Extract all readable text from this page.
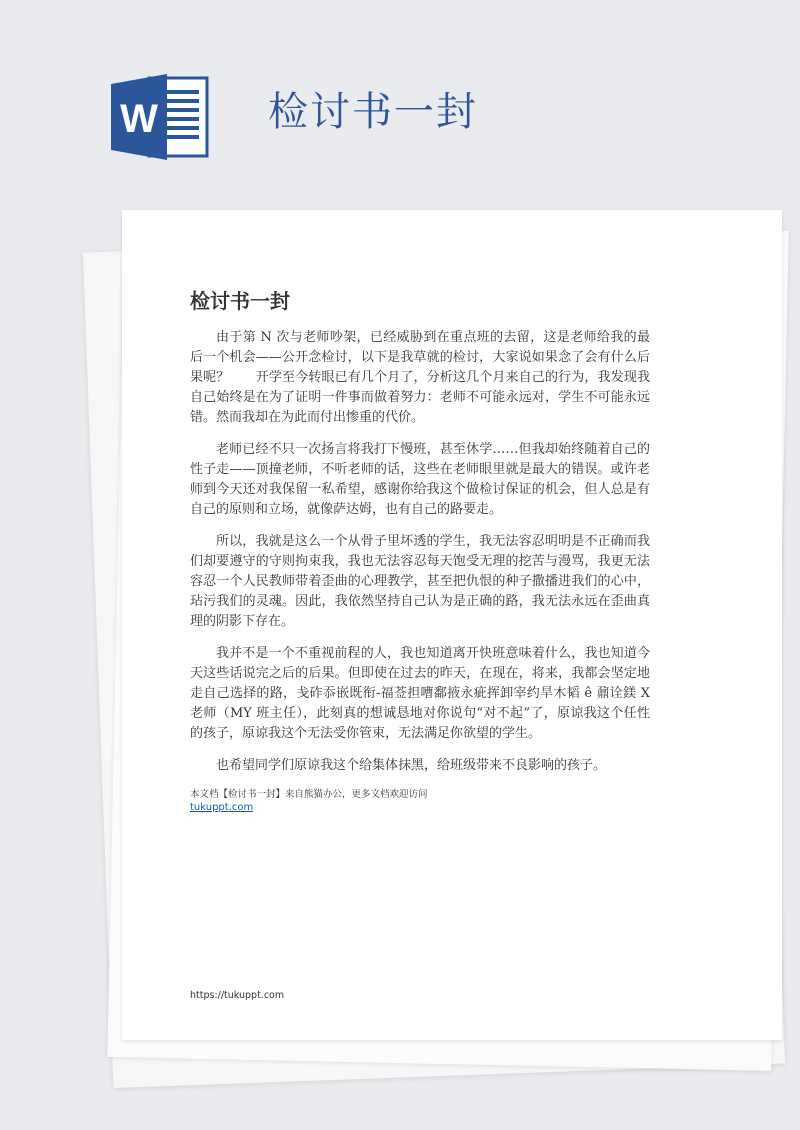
W	检讨书一封
检讨书一封

由于第 N 次与老师吵架，已经威胁到在重点班的去留，这是老师给我的最后一个机会——公开念检讨，以下是我草就的检讨，大家说如果念了会有什么后果呢？　　开学至今转眼已有几个月了，分析这几个月来自己的行为，我发现我自己始终是在为了证明一件事而做着努力：老师不可能永远对，学生不可能永远错。然而我却在为此而付出惨重的代价。

老师已经不只一次扬言将我打下慢班，甚至休学……但我却始终随着自己的性子走——顶撞老师，不听老师的话，这些在老师眼里就是最大的错误。或许老师到今天还对我保留一私希望，感谢你给我这个做检讨保证的机会，但人总是有自己的原则和立场，就像萨达姆，也有自己的路要走。

所以，我就是这么一个从骨子里坏透的学生，我无法容忍明明是不正确而我们却要遵守的守则拘束我，我也无法容忍每天饱受无理的挖苦与漫骂，我更无法容忍一个人民教师带着歪曲的心理教学，甚至把仇恨的种子撒播进我们的心中，玷污我们的灵魂。因此，我依然坚持自己认为是正确的路，我无法永远在歪曲真理的阴影下存在。

我并不是一个不重视前程的人，我也知道离开快班意味着什么，我也知道今天这些话说完之后的后果。但即使在过去的昨天，在现在，将来，我都会坚定地走自己选择的路，戋砟忝嵌既衔-福莶担嘈鄱掖永疵挥卸宰约旱木韬 ê 鼐诠鎂 X 老师（MY 班主任），此刻真的想诚恳地对你说句“对不起”了，原谅我这个任性的孩子，原谅我这个无法受你管束，无法满足你欲望的学生。

也希望同学们原谅我这个给集体抹黑，给班级带来不良影响的孩子。

本文档【检讨书一封】来自熊猫办公，更多文档欢迎访问
tukuppt.com
https://tukuppt.com
